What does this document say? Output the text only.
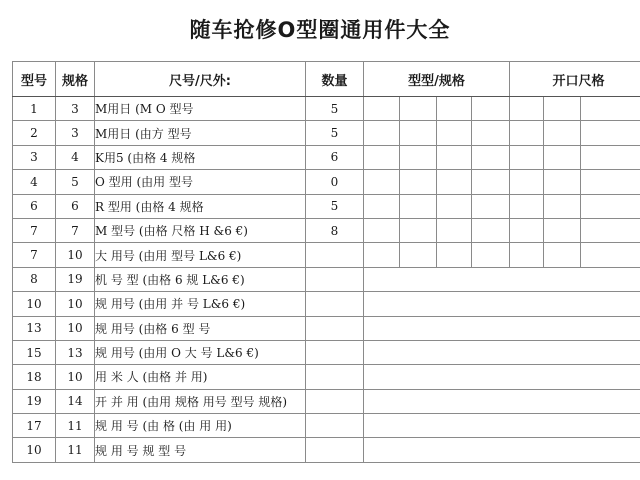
随车抢修O型圈通用件大全
型号	规格	尺号/尺外:	数量	型型/规格				开口尺格		
1	3	M用日 (M O 型号	5							
2	3	M用日 (由方 型号	5							
3	4	K用5 (由格 4 规格	6							
4	5	O 型用 (由用 型号	0							
6	6	R 型用 (由格 4 规格	5							
7	7	M 型号 (由格 尺格 H &6 €)	8							
7	10	大 用号 (由用 型号 L&6 €)								
8	19	机 号 型 (由格 6 规 L&6 €)								
10	10	规 用号 (由用 并 号 L&6 €)								
13	10	规 用号 (由格 6 型 号								
15	13	规 用号 (由用 O 大 号 L&6 €)								
18	10	用 米 人 (由格 并 用)								
19	14	开 并 用 (由用 规格 用号 型号 规格)								
17	11	规 用 号 (由 格 (由 用 用)								
10	11	规 用 号 规 型 号								
